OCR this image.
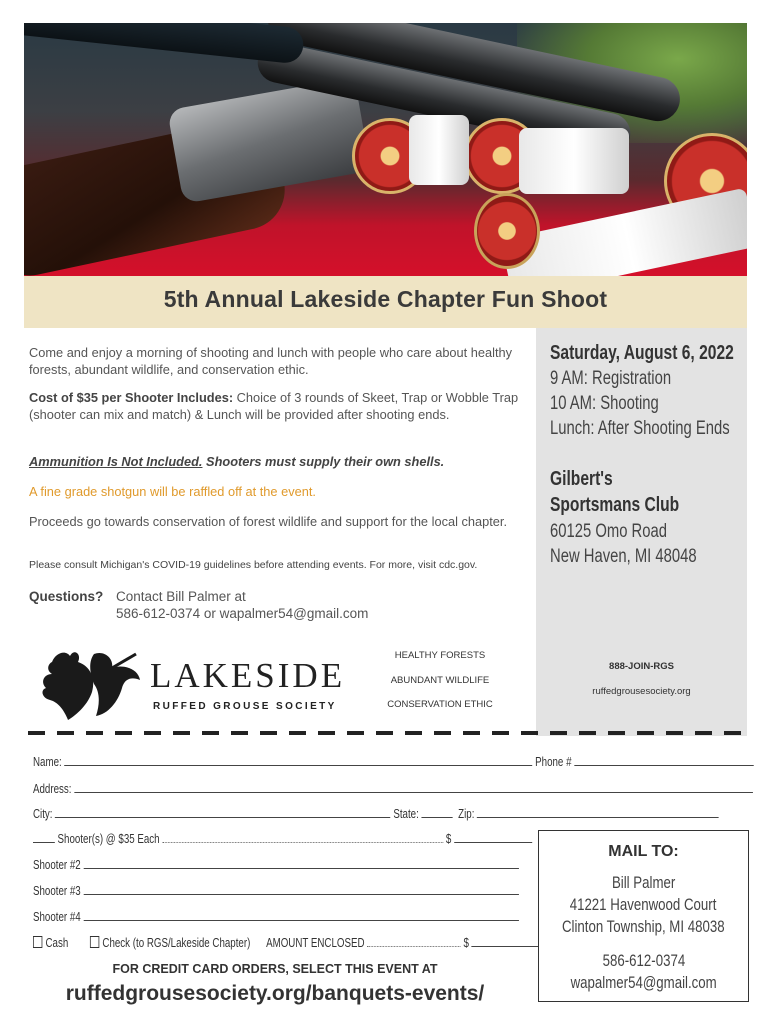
5th Annual Lakeside Chapter Fun Shoot
Come and enjoy a morning of shooting and lunch with people who care about healthy forests, abundant wildlife, and conservation ethic.
Cost of $35 per Shooter Includes: Choice of 3 rounds of Skeet, Trap or Wobble Trap (shooter can mix and match) & Lunch will be provided after shooting ends.
Ammunition Is Not Included. Shooters must supply their own shells.
A fine grade shotgun will be raffled off at the event.
Proceeds go towards conservation of forest wildlife and support for the local chapter.
Please consult Michigan's COVID-19 guidelines before attending events. For more, visit cdc.gov.
Questions? Contact Bill Palmer at
586-612-0374 or wapalmer54@gmail.com
Saturday, August 6, 2022
9 AM: Registration
10 AM: Shooting
Lunch: After Shooting Ends
Gilbert's
Sportsmans Club
60125 Omo Road
New Haven, MI 48048
888-JOIN-RGS
ruffedgrousesociety.org
LAKESIDE
RUFFED GROUSE SOCIETY
HEALTHY FORESTS
ABUNDANT WILDLIFE
CONSERVATION ETHIC
Name:	Phone #
Address:
City:	State:	Zip:
Shooter(s) @ $35 Each	$
Shooter #2
Shooter #3
Shooter #4
Cash	Check (to RGS/Lakeside Chapter) AMOUNT ENCLOSED	$
MAIL TO:
Bill Palmer
41221 Havenwood Court
Clinton Township, MI 48038
586-612-0374
wapalmer54@gmail.com
FOR CREDIT CARD ORDERS, SELECT THIS EVENT AT
ruffedgrousesociety.org/banquets-events/
